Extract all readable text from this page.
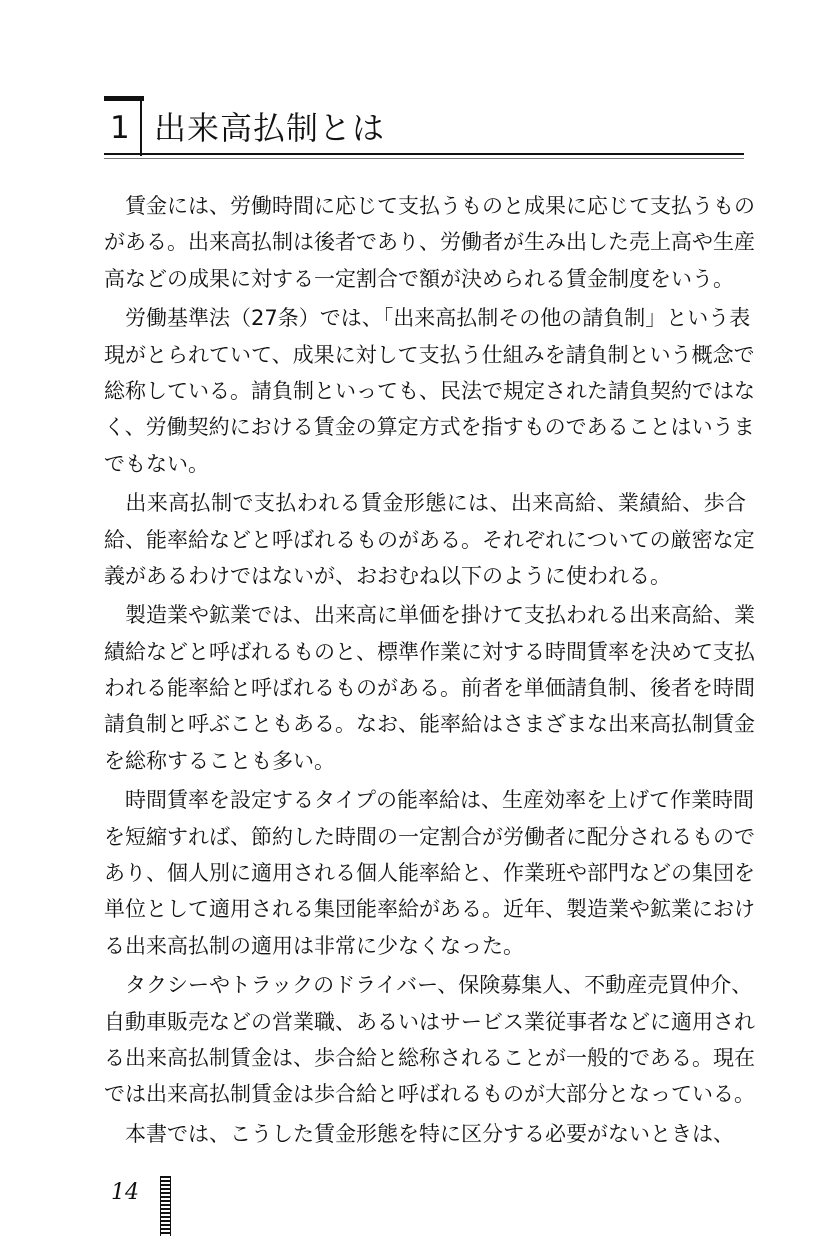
1 出来高払制とは
　賃金には、労働時間に応じて支払うものと成果に応じて支払うもの
がある。出来高払制は後者であり、労働者が生み出した売上高や生産
高などの成果に対する一定割合で額が決められる賃金制度をいう。
　労働基準法（27条）では、「出来高払制その他の請負制」という表
現がとられていて、成果に対して支払う仕組みを請負制という概念で
総称している。請負制といっても、民法で規定された請負契約ではな
く、労働契約における賃金の算定方式を指すものであることはいうま
でもない。
　出来高払制で支払われる賃金形態には、出来高給、業績給、歩合
給、能率給などと呼ばれるものがある。それぞれについての厳密な定
義があるわけではないが、おおむね以下のように使われる。
　製造業や鉱業では、出来高に単価を掛けて支払われる出来高給、業
績給などと呼ばれるものと、標準作業に対する時間賃率を決めて支払
われる能率給と呼ばれるものがある。前者を単価請負制、後者を時間
請負制と呼ぶこともある。なお、能率給はさまざまな出来高払制賃金
を総称することも多い。
　時間賃率を設定するタイプの能率給は、生産効率を上げて作業時間
を短縮すれば、節約した時間の一定割合が労働者に配分されるもので
あり、個人別に適用される個人能率給と、作業班や部門などの集団を
単位として適用される集団能率給がある。近年、製造業や鉱業におけ
る出来高払制の適用は非常に少なくなった。
　タクシーやトラックのドライバー、保険募集人、不動産売買仲介、
自動車販売などの営業職、あるいはサービス業従事者などに適用され
る出来高払制賃金は、歩合給と総称されることが一般的である。現在
では出来高払制賃金は歩合給と呼ばれるものが大部分となっている。
　本書では、こうした賃金形態を特に区分する必要がないときは、
14
